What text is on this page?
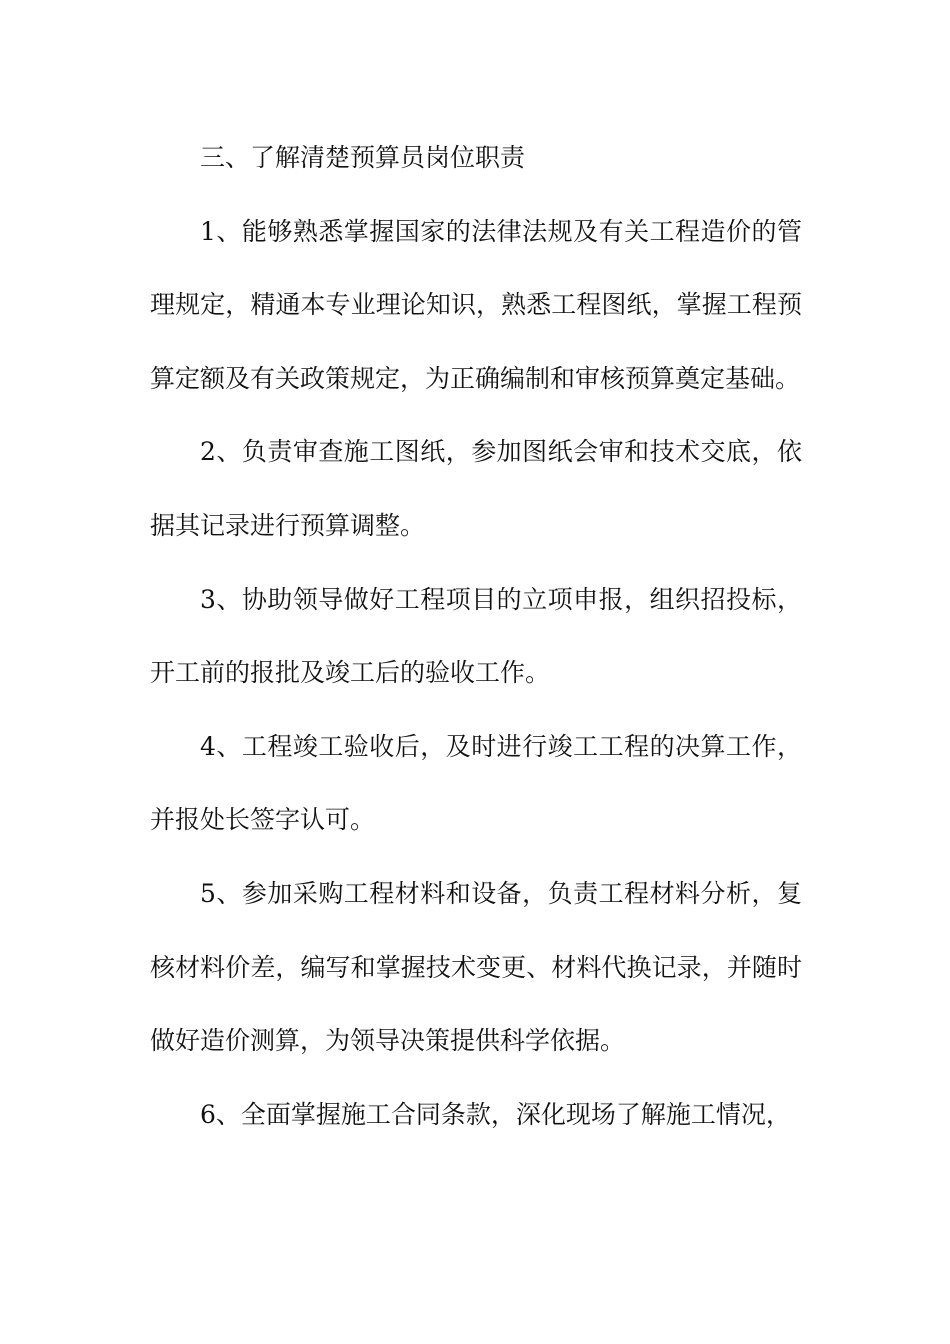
三、了解清楚预算员岗位职责

1、能够熟悉掌握国家的法律法规及有关工程造价的管理规定，精通本专业理论知识，熟悉工程图纸，掌握工程预算定额及有关政策规定，为正确编制和审核预算奠定基础。

2、负责审查施工图纸，参加图纸会审和技术交底，依据其记录进行预算调整。

3、协助领导做好工程项目的立项申报，组织招投标，开工前的报批及竣工后的验收工作。

4、工程竣工验收后，及时进行竣工工程的决算工作，并报处长签字认可。

5、参加采购工程材料和设备，负责工程材料分析，复核材料价差，编写和掌握技术变更、材料代换记录，并随时做好造价测算，为领导决策提供科学依据。

6、全面掌握施工合同条款，深化现场了解施工情况，
